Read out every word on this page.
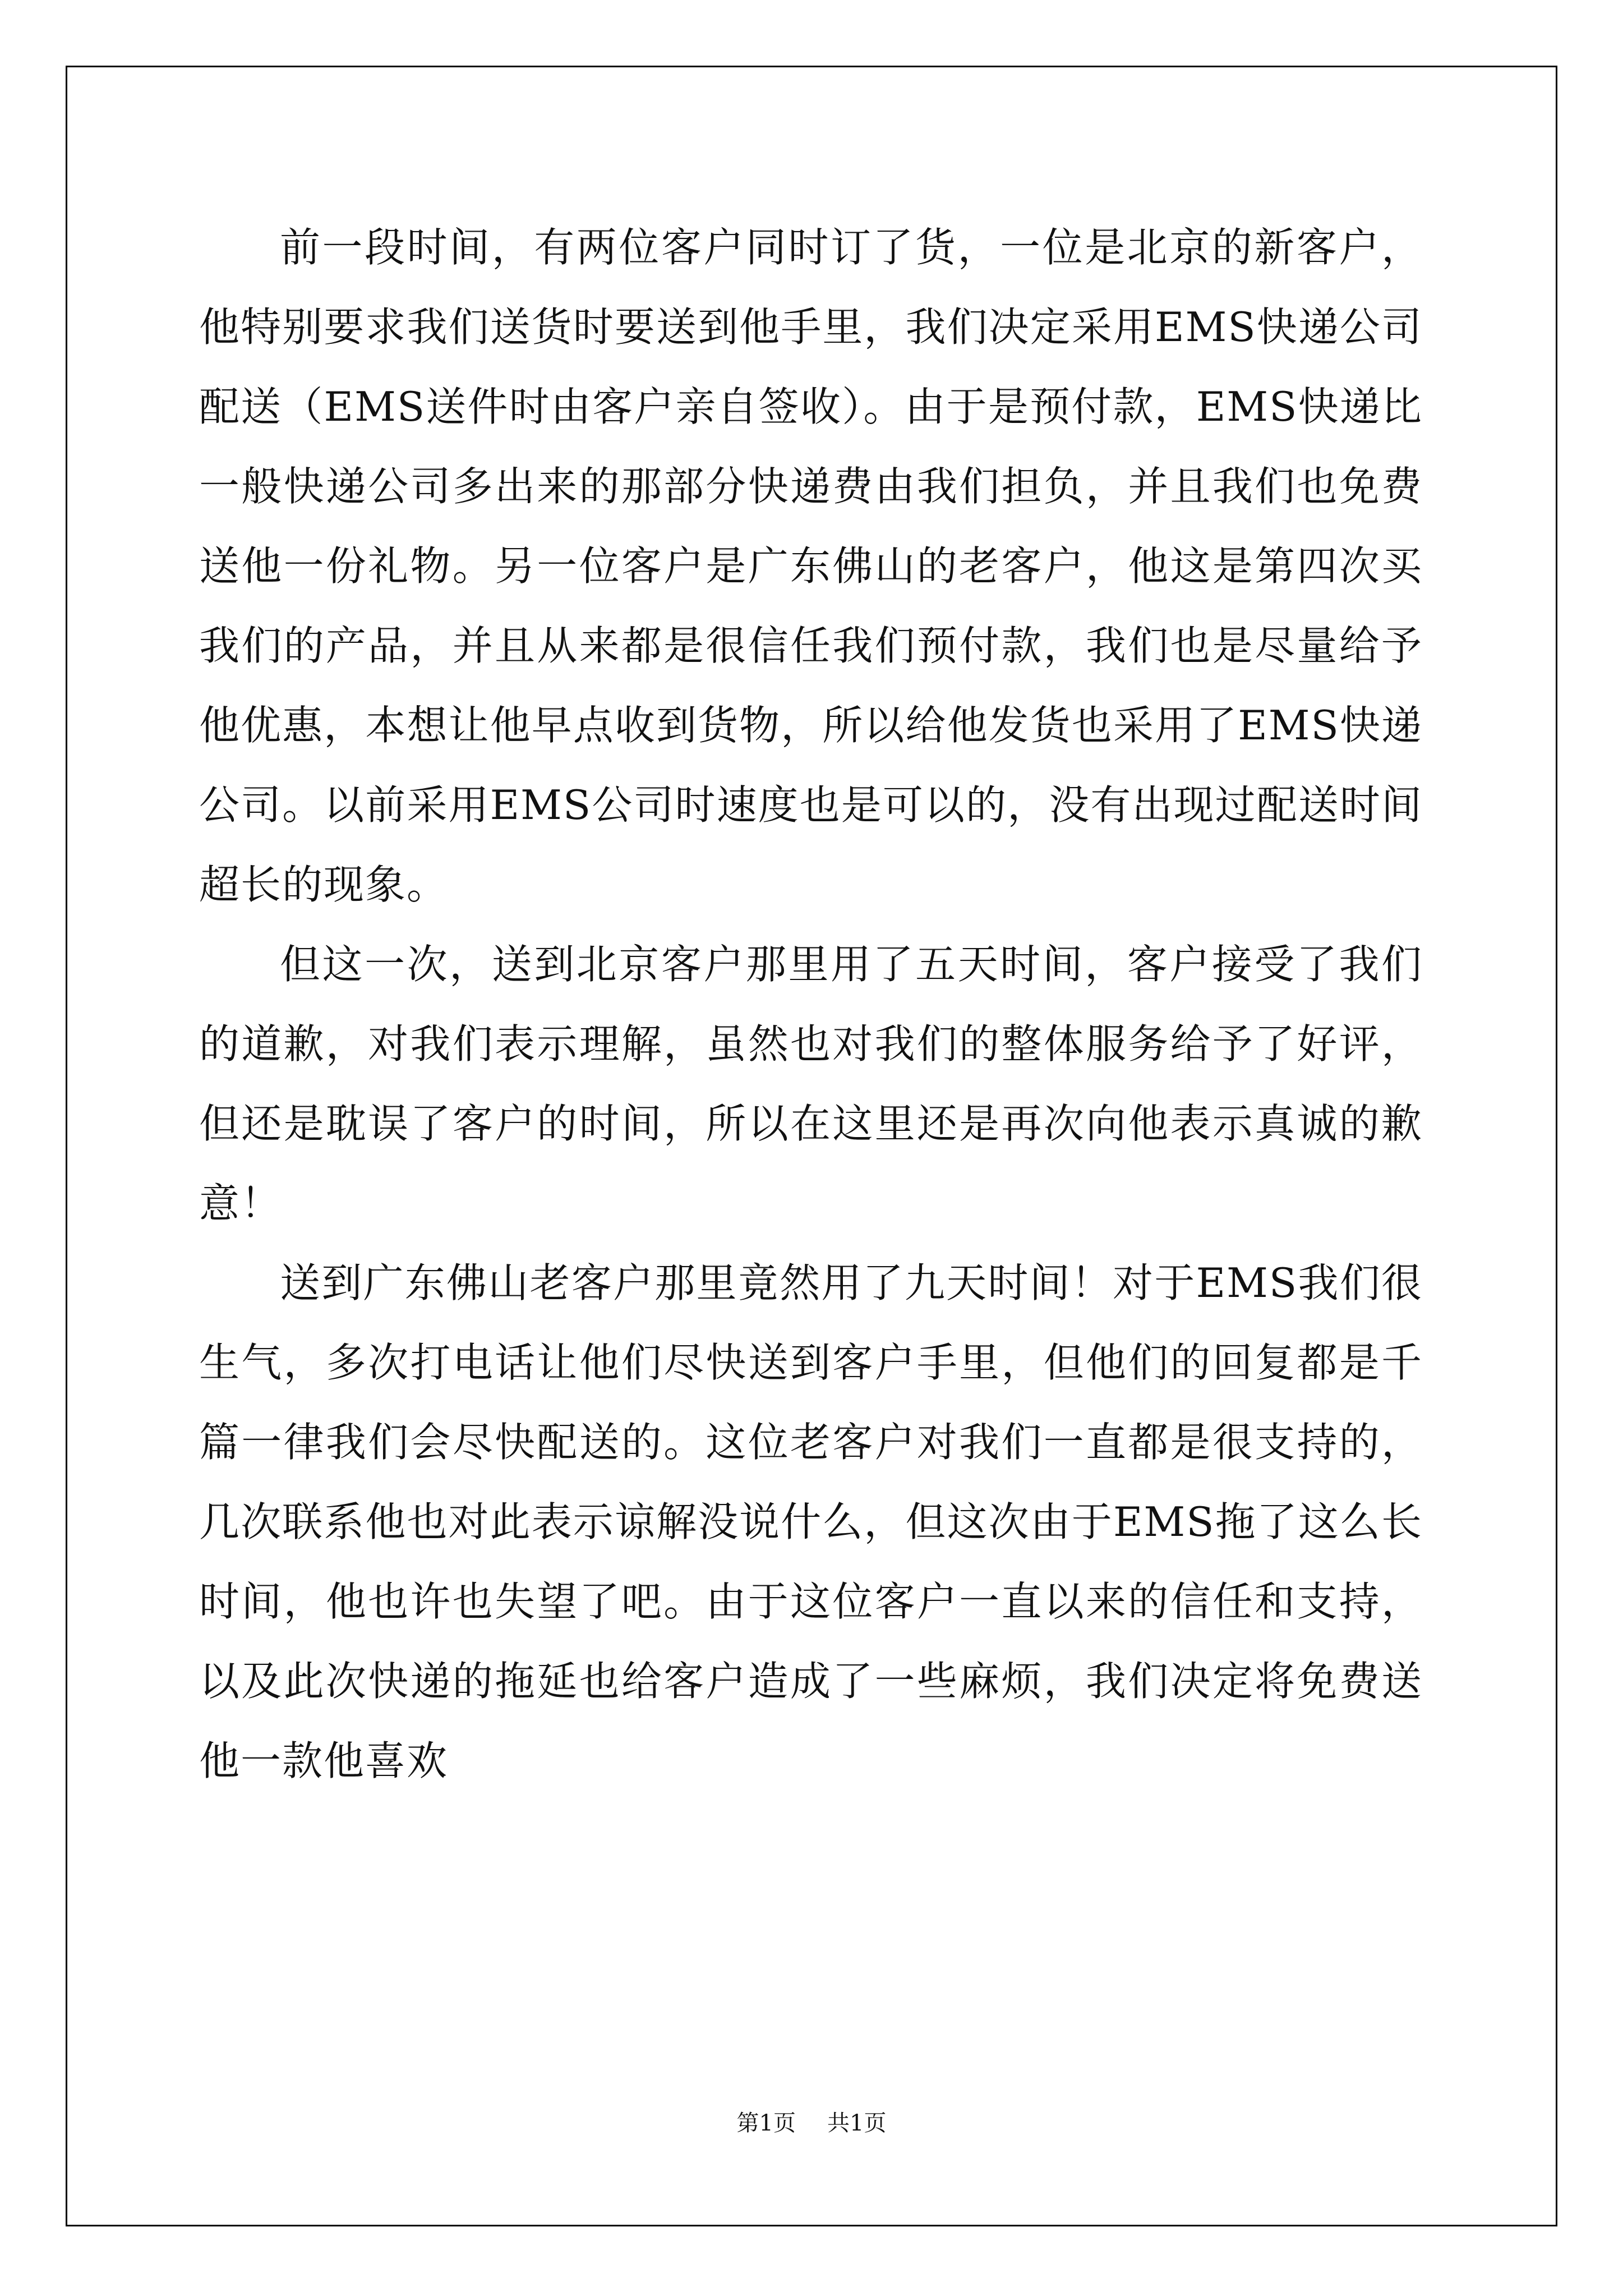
前一段时间，有两位客户同时订了货，一位是北京的新客户，他特别要求我们送货时要送到他手里，我们决定采用EMS快递公司配送（EMS送件时由客户亲自签收）。由于是预付款，EMS快递比一般快递公司多出来的那部分快递费由我们担负，并且我们也免费送他一份礼物。另一位客户是广东佛山的老客户，他这是第四次买我们的产品，并且从来都是很信任我们预付款，我们也是尽量给予他优惠，本想让他早点收到货物，所以给他发货也采用了EMS快递公司。以前采用EMS公司时速度也是可以的，没有出现过配送时间超长的现象。

但这一次，送到北京客户那里用了五天时间，客户接受了我们的道歉，对我们表示理解，虽然也对我们的整体服务给予了好评，但还是耽误了客户的时间，所以在这里还是再次向他表示真诚的歉意！

送到广东佛山老客户那里竟然用了九天时间！对于EMS我们很生气，多次打电话让他们尽快送到客户手里，但他们的回复都是千篇一律我们会尽快配送的。这位老客户对我们一直都是很支持的，几次联系他也对此表示谅解没说什么，但这次由于EMS拖了这么长时间，他也许也失望了吧。由于这位客户一直以来的信任和支持，以及此次快递的拖延也给客户造成了一些麻烦，我们决定将免费送他一款他喜欢

第1页 共1页
